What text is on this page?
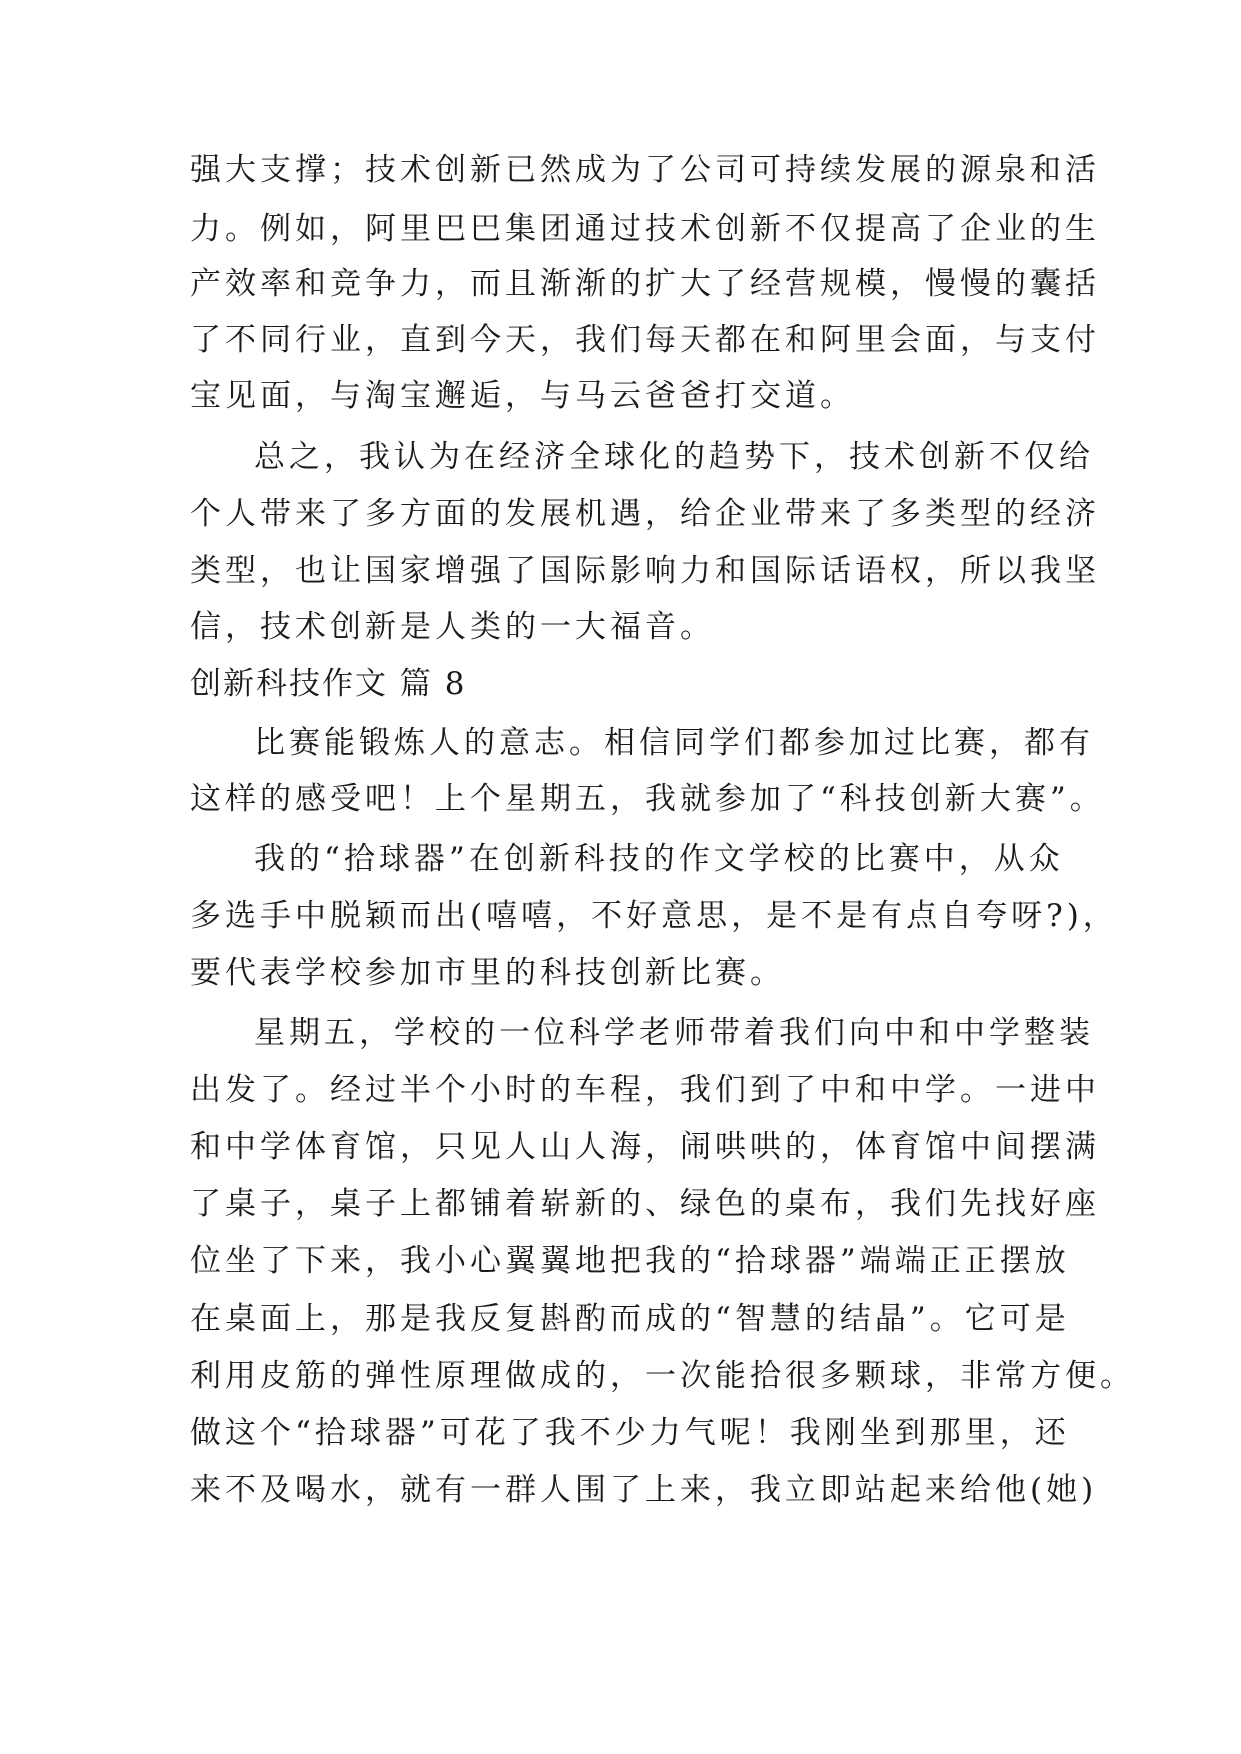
强大支撑；技术创新已然成为了公司可持续发展的源泉和活
力。例如，阿里巴巴集团通过技术创新不仅提高了企业的生
产效率和竞争力，而且渐渐的扩大了经营规模，慢慢的囊括
了不同行业，直到今天，我们每天都在和阿里会面，与支付
宝见面，与淘宝邂逅，与马云爸爸打交道。
总之，我认为在经济全球化的趋势下，技术创新不仅给
个人带来了多方面的发展机遇，给企业带来了多类型的经济
类型，也让国家增强了国际影响力和国际话语权，所以我坚
信，技术创新是人类的一大福音。
创新科技作文 篇 8
比赛能锻炼人的意志。相信同学们都参加过比赛，都有
这样的感受吧！上个星期五，我就参加了“科技创新大赛”。
我的“拾球器”在创新科技的作文学校的比赛中，从众
多选手中脱颖而出(嘻嘻，不好意思，是不是有点自夸呀?)，
要代表学校参加市里的科技创新比赛。
星期五，学校的一位科学老师带着我们向中和中学整装
出发了。经过半个小时的车程，我们到了中和中学。一进中
和中学体育馆，只见人山人海，闹哄哄的，体育馆中间摆满
了桌子，桌子上都铺着崭新的、绿色的桌布，我们先找好座
位坐了下来，我小心翼翼地把我的“拾球器”端端正正摆放
在桌面上，那是我反复斟酌而成的“智慧的结晶”。它可是
利用皮筋的弹性原理做成的，一次能拾很多颗球，非常方便。
做这个“拾球器”可花了我不少力气呢！我刚坐到那里，还
来不及喝水，就有一群人围了上来，我立即站起来给他(她)
